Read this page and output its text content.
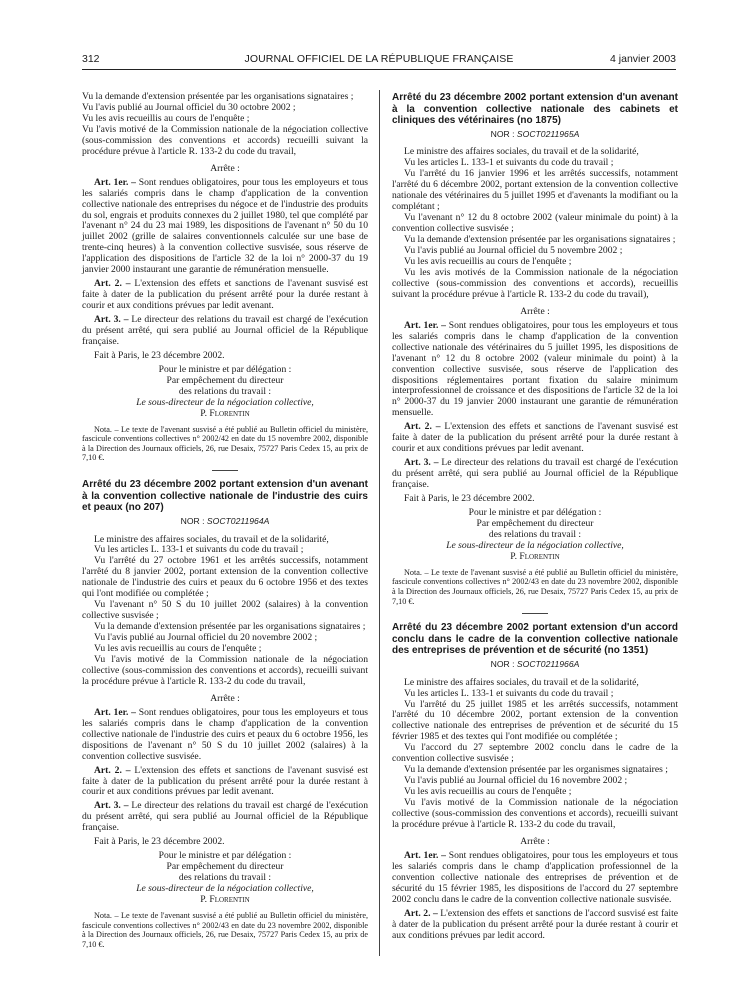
312	JOURNAL OFFICIEL DE LA RÉPUBLIQUE FRANÇAISE	4 janvier 2003

Vu la demande d'extension présentée par les organisations signataires ;

Vu l'avis publié au Journal officiel du 30 octobre 2002 ;

Vu les avis recueillis au cours de l'enquête ;

Vu l'avis motivé de la Commission nationale de la négociation collective (sous-commission des conventions et accords) recueilli suivant la procédure prévue à l'article R. 133-2 du code du travail,

Arrête :

Art. 1er. – Sont rendues obligatoires, pour tous les employeurs et tous les salariés compris dans le champ d'application de la convention collective nationale des entreprises du négoce et de l'industrie des produits du sol, engrais et produits connexes du 2 juillet 1980, tel que complété par l'avenant n° 24 du 23 mai 1989, les dispositions de l'avenant n° 50 du 10 juillet 2002 (grille de salaires conventionnels calculée sur une base de trente-cinq heures) à la convention collective susvisée, sous réserve de l'application des dispositions de l'article 32 de la loi n° 2000-37 du 19 janvier 2000 instaurant une garantie de rémunération mensuelle.

Art. 2. – L'extension des effets et sanctions de l'avenant susvisé est faite à dater de la publication du présent arrêté pour la durée restant à courir et aux conditions prévues par ledit avenant.

Art. 3. – Le directeur des relations du travail est chargé de l'exécution du présent arrêté, qui sera publié au Journal officiel de la République française.

Fait à Paris, le 23 décembre 2002.

Pour le ministre et par délégation :

Par empêchement du directeur

des relations du travail :

Le sous-directeur de la négociation collective,

P. Florentin

Nota. – Le texte de l'avenant susvisé a été publié au Bulletin officiel du ministère, fascicule conventions collectives n° 2002/42 en date du 15 novembre 2002, disponible à la Direction des Journaux officiels, 26, rue Desaix, 75727 Paris Cedex 15, au prix de 7,10 €.

Arrêté du 23 décembre 2002 portant extension d'un avenant à la convention collective nationale de l'industrie des cuirs et peaux (no 207)

NOR : SOCT0211964A

Le ministre des affaires sociales, du travail et de la solidarité,

Vu les articles L. 133-1 et suivants du code du travail ;

Vu l'arrêté du 27 octobre 1961 et les arrêtés successifs, notamment l'arrêté du 8 janvier 2002, portant extension de la convention collective nationale de l'industrie des cuirs et peaux du 6 octobre 1956 et des textes qui l'ont modifiée ou complétée ;

Vu l'avenant n° 50 S du 10 juillet 2002 (salaires) à la convention collective susvisée ;

Vu la demande d'extension présentée par les organisations signataires ;

Vu l'avis publié au Journal officiel du 20 novembre 2002 ;

Vu les avis recueillis au cours de l'enquête ;

Vu l'avis motivé de la Commission nationale de la négociation collective (sous-commission des conventions et accords), recueilli suivant la procédure prévue à l'article R. 133-2 du code du travail,

Arrête :

Art. 1er. – Sont rendues obligatoires, pour tous les employeurs et tous les salariés compris dans le champ d'application de la convention collective nationale de l'industrie des cuirs et peaux du 6 octobre 1956, les dispositions de l'avenant n° 50 S du 10 juillet 2002 (salaires) à la convention collective susvisée.

Art. 2. – L'extension des effets et sanctions de l'avenant susvisé est faite à dater de la publication du présent arrêté pour la durée restant à courir et aux conditions prévues par ledit avenant.

Art. 3. – Le directeur des relations du travail est chargé de l'exécution du présent arrêté, qui sera publié au Journal officiel de la République française.

Fait à Paris, le 23 décembre 2002.

Pour le ministre et par délégation :

Par empêchement du directeur

des relations du travail :

Le sous-directeur de la négociation collective,

P. Florentin

Nota. – Le texte de l'avenant susvisé a été publié au Bulletin officiel du ministère, fascicule conventions collectives n° 2002/43 en date du 23 novembre 2002, disponible à la Direction des Journaux officiels, 26, rue Desaix, 75727 Paris Cedex 15, au prix de 7,10 €.

Arrêté du 23 décembre 2002 portant extension d'un avenant à la convention collective nationale des cabinets et cliniques des vétérinaires (no 1875)

NOR : SOCT0211965A

Le ministre des affaires sociales, du travail et de la solidarité,

Vu les articles L. 133-1 et suivants du code du travail ;

Vu l'arrêté du 16 janvier 1996 et les arrêtés successifs, notamment l'arrêté du 6 décembre 2002, portant extension de la convention collective nationale des vétérinaires du 5 juillet 1995 et d'avenants la modifiant ou la complétant ;

Vu l'avenant n° 12 du 8 octobre 2002 (valeur minimale du point) à la convention collective susvisée ;

Vu la demande d'extension présentée par les organisations signataires ;

Vu l'avis publié au Journal officiel du 5 novembre 2002 ;

Vu les avis recueillis au cours de l'enquête ;

Vu les avis motivés de la Commission nationale de la négociation collective (sous-commission des conventions et accords), recueillis suivant la procédure prévue à l'article R. 133-2 du code du travail),

Arrête :

Art. 1er. – Sont rendues obligatoires, pour tous les employeurs et tous les salariés compris dans le champ d'application de la convention collective nationale des vétérinaires du 5 juillet 1995, les dispositions de l'avenant n° 12 du 8 octobre 2002 (valeur minimale du point) à la convention collective susvisée, sous réserve de l'application des dispositions réglementaires portant fixation du salaire minimum interprofessionnel de croissance et des dispositions de l'article 32 de la loi n° 2000-37 du 19 janvier 2000 instaurant une garantie de rémunération mensuelle.

Art. 2. – L'extension des effets et sanctions de l'avenant susvisé est faite à dater de la publication du présent arrêté pour la durée restant à courir et aux conditions prévues par ledit avenant.

Art. 3. – Le directeur des relations du travail est chargé de l'exécution du présent arrêté, qui sera publié au Journal officiel de la République française.

Fait à Paris, le 23 décembre 2002.

Pour le ministre et par délégation :

Par empêchement du directeur

des relations du travail :

Le sous-directeur de la négociation collective,

P. Florentin

Nota. – Le texte de l'avenant susvisé a été publié au Bulletin officiel du ministère, fascicule conventions collectives n° 2002/43 en date du 23 novembre 2002, disponible à la Direction des Journaux officiels, 26, rue Desaix, 75727 Paris Cedex 15, au prix de 7,10 €.

Arrêté du 23 décembre 2002 portant extension d'un accord conclu dans le cadre de la convention collective nationale des entreprises de prévention et de sécurité (no 1351)

NOR : SOCT0211966A

Le ministre des affaires sociales, du travail et de la solidarité,

Vu les articles L. 133-1 et suivants du code du travail ;

Vu l'arrêté du 25 juillet 1985 et les arrêtés successifs, notamment l'arrêté du 10 décembre 2002, portant extension de la convention collective nationale des entreprises de prévention et de sécurité du 15 février 1985 et des textes qui l'ont modifiée ou complétée ;

Vu l'accord du 27 septembre 2002 conclu dans le cadre de la convention collective susvisée ;

Vu la demande d'extension présentée par les organismes signataires ;

Vu l'avis publié au Journal officiel du 16 novembre 2002 ;

Vu les avis recueillis au cours de l'enquête ;

Vu l'avis motivé de la Commission nationale de la négociation collective (sous-commission des conventions et accords), recueilli suivant la procédure prévue à l'article R. 133-2 du code du travail,

Arrête :

Art. 1er. – Sont rendues obligatoires, pour tous les employeurs et tous les salariés compris dans le champ d'application professionnel de la convention collective nationale des entreprises de prévention et de sécurité du 15 février 1985, les dispositions de l'accord du 27 septembre 2002 conclu dans le cadre de la convention collective nationale susvisée.

Art. 2. – L'extension des effets et sanctions de l'accord susvisé est faite à dater de la publication du présent arrêté pour la durée restant à courir et aux conditions prévues par ledit accord.
